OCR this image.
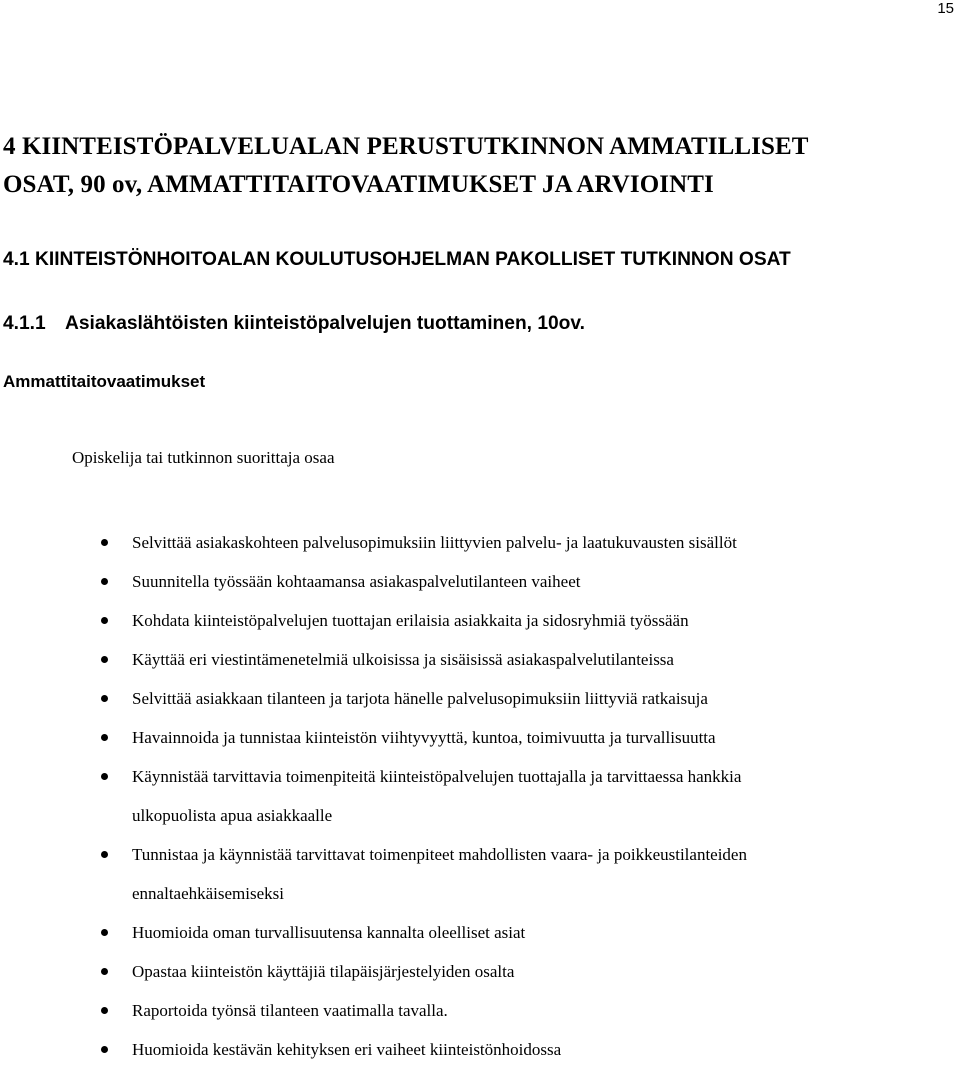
15
4 KIINTEISTÖPALVELUALAN PERUSTUTKINNON AMMATILLISET
OSAT, 90 ov, AMMATTITAITOVAATIMUKSET JA ARVIOINTI
4.1 KIINTEISTÖNHOITOALAN KOULUTUSOHJELMAN PAKOLLISET TUTKINNON OSAT
4.1.1 Asiakaslähtöisten kiinteistöpalvelujen tuottaminen, 10ov.
Ammattitaitovaatimukset

Opiskelija tai tutkinnon suorittaja osaa

Selvittää asiakaskohteen palvelusopimuksiin liittyvien palvelu- ja laatukuvausten sisällöt
Suunnitella työssään kohtaamansa asiakaspalvelutilanteen vaiheet
Kohdata kiinteistöpalvelujen tuottajan erilaisia asiakkaita ja sidosryhmiä työssään
Käyttää eri viestintämenetelmiä ulkoisissa ja sisäisissä asiakaspalvelutilanteissa
Selvittää asiakkaan tilanteen ja tarjota hänelle palvelusopimuksiin liittyviä ratkaisuja
Havainnoida ja tunnistaa kiinteistön viihtyvyyttä, kuntoa, toimivuutta ja turvallisuutta
Käynnistää tarvittavia toimenpiteitä kiinteistöpalvelujen tuottajalla ja tarvittaessa hankkia
ulkopuolista apua asiakkaalle
Tunnistaa ja käynnistää tarvittavat toimenpiteet mahdollisten vaara- ja poikkeustilanteiden
ennaltaehkäisemiseksi
Huomioida oman turvallisuutensa kannalta oleelliset asiat
Opastaa kiinteistön käyttäjiä tilapäisjärjestelyiden osalta
Raportoida työnsä tilanteen vaatimalla tavalla.
Huomioida kestävän kehityksen eri vaiheet kiinteistönhoidossa
